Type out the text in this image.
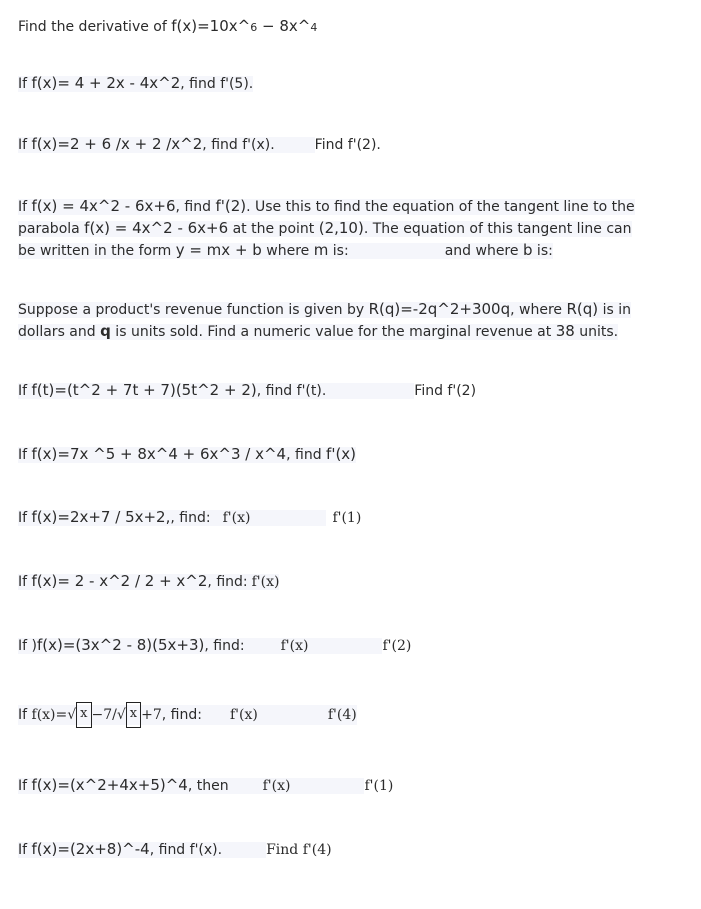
Find the derivative of f(x)=10x^6 − 8x^4
If f(x)= 4 + 2x - 4x^2, find f'(5).
If f(x)=2 + 6 /x + 2 /x^2, find f'(x).	Find f'(2).
If f(x) = 4x^2 - 6x+6, find f'(2). Use this to find the equation of the tangent line to the parabola f(x) = 4x^2 - 6x+6 at the point (2,10). The equation of this tangent line can be written in the form y = mx + b where m is:	and where b is:
Suppose a product's revenue function is given by R(q)=-2q^2+300q, where R(q) is in dollars and q is units sold. Find a numeric value for the marginal revenue at 38 units.
If f(t)=(t^2 + 7t + 7)(5t^2 + 2), find f'(t).	Find f'(2)
If f(x)=7x ^5 + 8x^4 + 6x^3 / x^4, find f'(x)
If f(x)=2x+7 / 5x+2,, find: f'(x)	f'(1)
If f(x)= 2 - x^2 / 2 + x^2, find: f'(x)
If )f(x)=(3x^2 - 8)(5x+3), find:	f'(x)	f'(2)
If f(x)=√ x −7/√ x +7, find: f'(x)	f'(4)
If f(x)=(x^2+4x+5)^4, then f'(x)	f'(1)
If f(x)=(2x+8)^-4, find f'(x).	Find f'(4)
